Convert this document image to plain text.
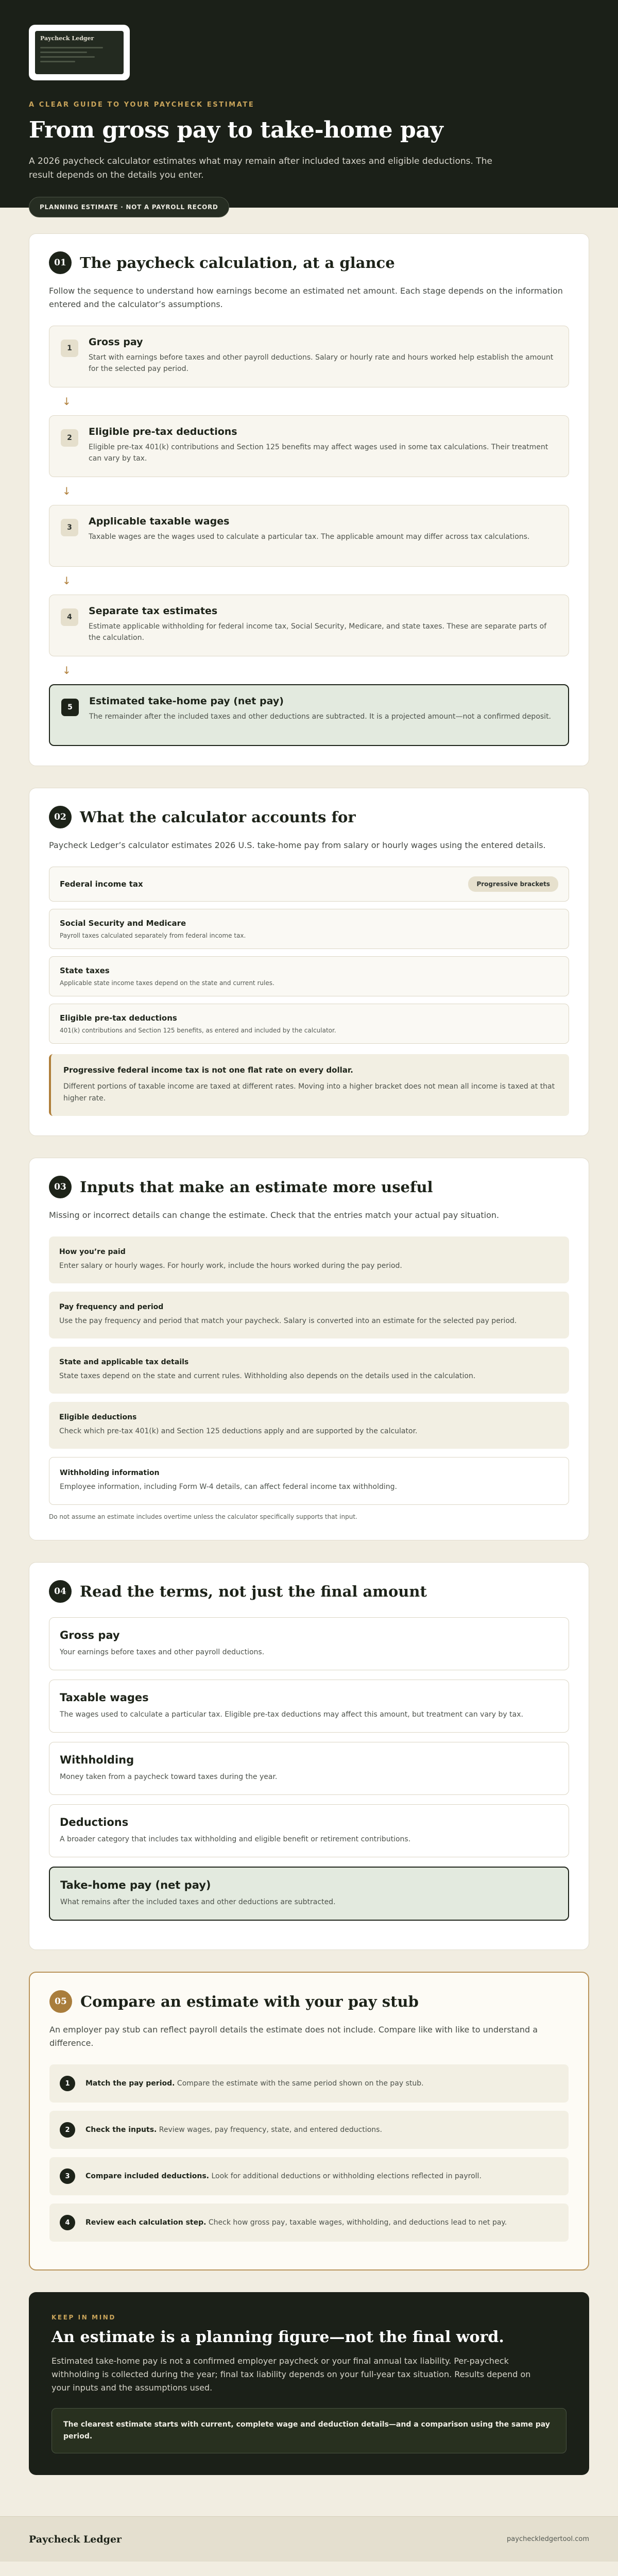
Paycheck Ledger
A CLEAR GUIDE TO YOUR PAYCHECK ESTIMATE
From gross pay to take-home pay

A 2026 paycheck calculator estimates what may remain after included taxes and eligible deductions. The result depends on the details you enter.

PLANNING ESTIMATE · NOT A PAYROLL RECORD
01 The paycheck calculation, at a glance

Follow the sequence to understand how earnings become an estimated net amount. Each stage depends on the information entered and the calculator’s assumptions.

1
Gross pay
Start with earnings before taxes and other payroll deductions. Salary or hourly rate and hours worked help establish the amount for the selected pay period.
↓
2
Eligible pre-tax deductions
Eligible pre-tax 401(k) contributions and Section 125 benefits may affect wages used in some tax calculations. Their treatment can vary by tax.
↓
3
Applicable taxable wages
Taxable wages are the wages used to calculate a particular tax. The applicable amount may differ across tax calculations.
↓
4
Separate tax estimates
Estimate applicable withholding for federal income tax, Social Security, Medicare, and state taxes. These are separate parts of the calculation.
↓
5
Estimated take-home pay (net pay)
The remainder after the included taxes and other deductions are subtracted. It is a projected amount—not a confirmed deposit.
02 What the calculator accounts for

Paycheck Ledger’s calculator estimates 2026 U.S. take-home pay from salary or hourly wages using the entered details.

Federal income tax	Progressive brackets
Social Security and Medicare
Payroll taxes calculated separately from federal income tax.
State taxes
Applicable state income taxes depend on the state and current rules.
Eligible pre-tax deductions
401(k) contributions and Section 125 benefits, as entered and included by the calculator.
Progressive federal income tax is not one flat rate on every dollar.
Different portions of taxable income are taxed at different rates. Moving into a higher bracket does not mean all income is taxed at that higher rate.
03 Inputs that make an estimate more useful

Missing or incorrect details can change the estimate. Check that the entries match your actual pay situation.

How you’re paid
Enter salary or hourly wages. For hourly work, include the hours worked during the pay period.
Pay frequency and period
Use the pay frequency and period that match your paycheck. Salary is converted into an estimate for the selected pay period.
State and applicable tax details
State taxes depend on the state and current rules. Withholding also depends on the details used in the calculation.
Eligible deductions
Check which pre-tax 401(k) and Section 125 deductions apply and are supported by the calculator.
Withholding information
Employee information, including Form W-4 details, can affect federal income tax withholding.

Do not assume an estimate includes overtime unless the calculator specifically supports that input.

04 Read the terms, not just the final amount
Gross pay
Your earnings before taxes and other payroll deductions.
Taxable wages
The wages used to calculate a particular tax. Eligible pre-tax deductions may affect this amount, but treatment can vary by tax.
Withholding
Money taken from a paycheck toward taxes during the year.
Deductions
A broader category that includes tax withholding and eligible benefit or retirement contributions.
Take-home pay (net pay)
What remains after the included taxes and other deductions are subtracted.
05 Compare an estimate with your pay stub

An employer pay stub can reflect payroll details the estimate does not include. Compare like with like to understand a difference.

1	Match the pay period. Compare the estimate with the same period shown on the pay stub.
2	Check the inputs. Review wages, pay frequency, state, and entered deductions.
3	Compare included deductions. Look for additional deductions or withholding elections reflected in payroll.
4	Review each calculation step. Check how gross pay, taxable wages, withholding, and deductions lead to net pay.
KEEP IN MIND
An estimate is a planning figure—not the final word.

Estimated take-home pay is not a confirmed employer paycheck or your final annual tax liability. Per-paycheck withholding is collected during the year; final tax liability depends on your full-year tax situation. Results depend on your inputs and the assumptions used.

The clearest estimate starts with current, complete wage and deduction details—and a comparison using the same pay period.
Paycheck Ledger	paycheckledgertool.com
